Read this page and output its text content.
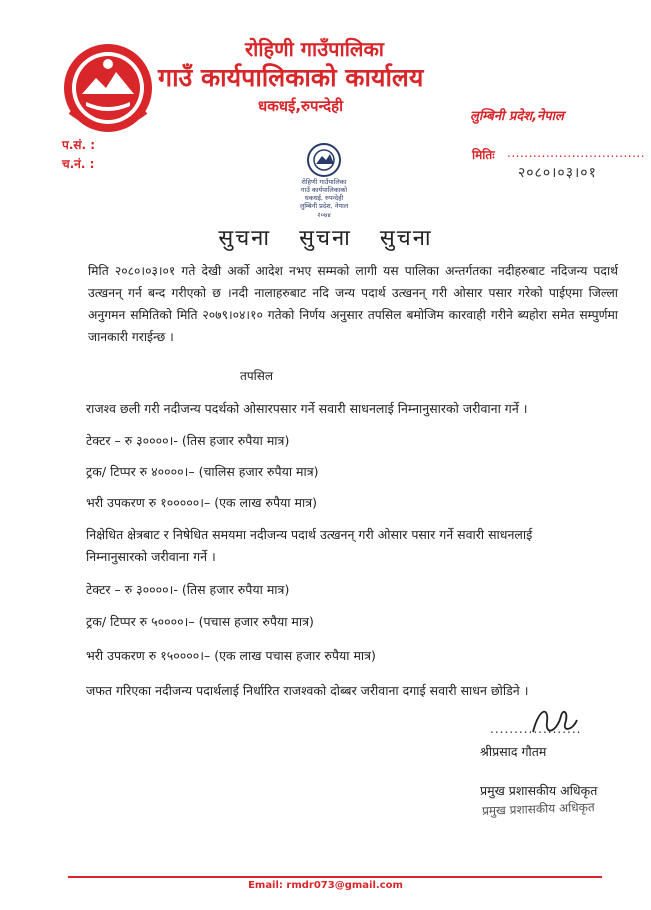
रोहिणी गाउँपालिका
गाउँ कार्यपालिकाको कार्यालय
धकधई,रुपन्देही
लुम्बिनी प्रदेश,नेपाल
प.सं. :
च.नं. :
मितिः ................................
२०८०।०३।०१
रोहिणी गाउँपालिका
गाउँ कार्यपालिकाको
धकधई, रुपन्देही
लुम्बिनी प्रदेश, नेपाल
२०७४
सुचना सुचना सुचना
मिति २०८०।०३।०१ गते देखी अर्को आदेश नभए सम्मको लागी यस पालिका अन्तर्गतका नदीहरुबाट नदिजन्य पदार्थ उत्खनन् गर्न बन्द गरीएको छ ।नदी नालाहरुबाट नदि जन्य पदार्थ उत्खनन् गरी ओसार पसार गरेको पाईएमा जिल्ला अनुगमन समितिको मिति २०७९।०४।१० गतेको निर्णय अनुसार तपसिल बमोजिम कारवाही गरीने ब्यहोरा समेत सम्पुर्णमा जानकारी गराईन्छ ।
तपसिल
राजश्व छली गरी नदीजन्य पदर्थको ओसारपसार गर्ने सवारी साधनलाई निम्नानुसारको जरीवाना गर्ने ।
टेक्टर – रु ३००००।- (तिस हजार रुपैया मात्र)
ट्रक/ टिप्पर रु ४००००।– (चालिस हजार रुपैया मात्र)
भरी उपकरण रु १०००००।– (एक लाख रुपैया मात्र)
निक्षेधित क्षेत्रबाट र निषेधित समयमा नदीजन्य पदार्थ उत्खनन् गरी ओसार पसार गर्ने सवारी साधनलाई
निम्नानुसारको जरीवाना गर्ने ।
टेक्टर – रु ३००००।- (तिस हजार रुपैया मात्र)
ट्रक/ टिप्पर रु ५००००।– (पचास हजार रुपैया मात्र)
भरी उपकरण रु १५००००।– (एक लाख पचास हजार रुपैया मात्र)
जफत गरिएका नदीजन्य पदार्थलाई निर्धारित राजश्वको दोब्बर जरीवाना दगाई सवारी साधन छोडिने ।
...................
श्रीप्रसाद गौतम
प्रमुख प्रशासकीय अधिकृत
प्रमुख प्रशासकीय अधिकृत
Email: rmdr073@gmail.com
